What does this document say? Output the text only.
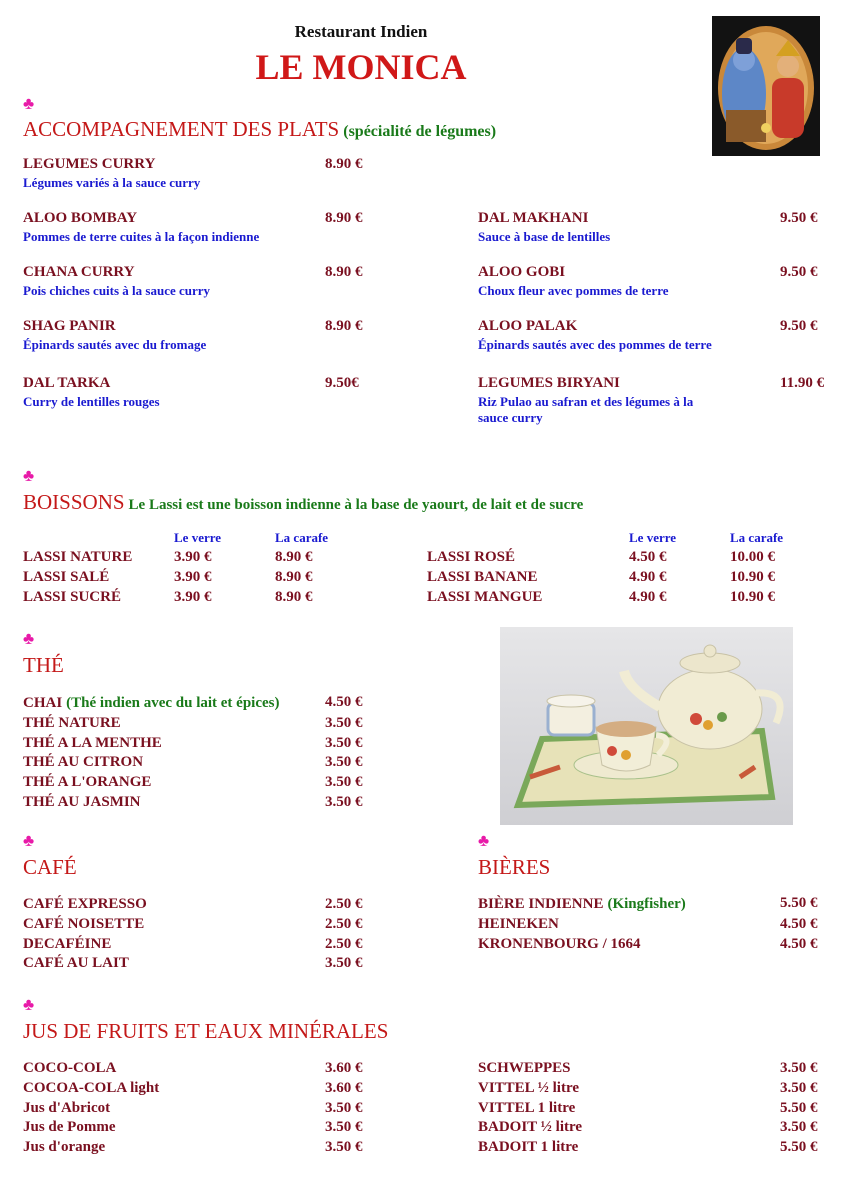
Restaurant Indien
LE MONICA
♣
ACCOMPAGNEMENT DES PLATS (spécialité de légumes)
LEGUMES CURRY
Légumes variés à la sauce curry
8.90 €
ALOO BOMBAY
Pommes de terre cuites à la façon indienne
8.90 €
CHANA CURRY
Pois chiches cuits à la sauce curry
8.90 €
SHAG PANIR
Épinards sautés avec du fromage
8.90 €
DAL TARKA
Curry de lentilles rouges
9.50€
DAL MAKHANI
Sauce à base de lentilles
9.50 €
ALOO GOBI
Choux fleur avec pommes de terre
9.50 €
ALOO PALAK
Épinards sautés avec des pommes de terre
9.50 €
LEGUMES BIRYANI
Riz Pulao au safran et des légumes à la
sauce curry
11.90 €
♣
BOISSONS Le Lassi est une boisson indienne à la base de yaourt, de lait et de sucre
Le verre	La carafe	Le verre	La carafe
LASSI NATURE	3.90 €	8.90 €
LASSI SALÉ	3.90 €	8.90 €
LASSI SUCRÉ	3.90 €	8.90 €
LASSI ROSÉ	4.50 €	10.00 €
LASSI BANANE	4.90 €	10.90 €
LASSI MANGUE	4.90 €	10.90 €
♣
THÉ
CHAI (Thé indien avec du lait et épices)	4.50 €
THÉ NATURE	3.50 €
THÉ A LA MENTHE	3.50 €
THÉ AU CITRON	3.50 €
THÉ A L'ORANGE	3.50 €
THÉ AU JASMIN	3.50 €
♣
CAFÉ
CAFÉ EXPRESSO	2.50 €
CAFÉ NOISETTE	2.50 €
DECAFÉINE	2.50 €
CAFÉ AU LAIT	3.50 €
♣
BIÈRES
BIÈRE INDIENNE (Kingfisher)	5.50 €
HEINEKEN	4.50 €
KRONENBOURG / 1664	4.50 €
♣
JUS DE FRUITS ET EAUX MINÉRALES
COCO-COLA	3.60 €
COCOA-COLA light	3.60 €
Jus d'Abricot	3.50 €
Jus de Pomme	3.50 €
Jus d'orange	3.50 €
SCHWEPPES	3.50 €
VITTEL ½ litre	3.50 €
VITTEL 1 litre	5.50 €
BADOIT ½ litre	3.50 €
BADOIT 1 litre	5.50 €
